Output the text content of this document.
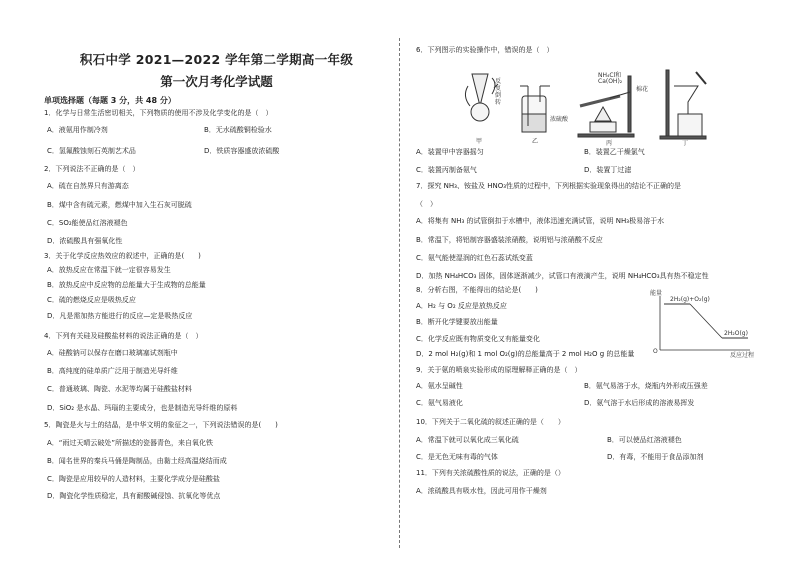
积石中学 2021—2022 学年第二学期高一年级
第一次月考化学试题
单项选择题（每题 3 分，共 48 分）
1．化学与日常生活密切相关，下列物质的使用不涉及化学变化的是（　）
A．液氨用作制冷剂
C．氢氟酸蚀刻石英制艺术品
2．下列说法不正确的是（　）
A．硫在自然界只有游离态
B．煤中含有硫元素，燃煤中加入生石灰可脱硫
C．SO₂能使品红溶液褪色
D．浓硫酸具有强氧化性
3．关于化学反应热效应的叙述中，正确的是(　　)
A．放热反应在常温下就一定很容易发生
B．放热反应中反应物的总能量大于生成物的总能量
C．硫的燃烧反应是吸热反应
D．凡是需加热方能进行的反应—定是吸热反应
4．下列有关硅及硅酸盐材料的说法正确的是（　）
A．硅酸钠可以保存在磨口玻璃塞试剂瓶中
B．高纯度的硅单质广泛用于制造光导纤维
C．普通玻璃、陶瓷、水泥等均属于硅酸盐材料
D．SiO₂ 是水晶、玛瑙的主要成分，也是制造光导纤维的原料
5．陶瓷是火与土的结晶，是中华文明的象征之一，下列说法错误的是(　　)
A．“雨过天晴云破处”所描述的瓷器青色，来自氧化铁
B．闻名世界的秦兵马俑是陶制品，由黏土经高温烧结而成
C．陶瓷是应用较早的人造材料，主要化学成分是硅酸盐
D．陶瓷化学性质稳定，具有耐酸碱侵蚀、抗氧化等优点
B．无水硫酸铜检验水
D．铁质容器盛放浓硫酸
6．下列图示的实验操作中，错误的是（　）
7．探究 NH₃、铵盐及 HNO₃性质的过程中，下列根据实验现象得出的结论不正确的是
（　）
A．将集有 NH₃ 的试管倒扣于水槽中，液体迅速充满试管，说明 NH₃极易溶于水
B．常温下，将铝制容器盛装浓硝酸，说明铝与浓硝酸不反应
C．氨气能使湿润的红色石蕊试纸变蓝
D．加热 NH₄HCO₃ 固体，固体逐渐减少，试管口有液滴产生，说明 NH₄HCO₃具有热不稳定性
8．分析右图，不能得出的结论是(　　)
A．H₂ 与 O₂ 反应是放热反应
B．断开化学键要放出能量
C．化学反应既有物质变化又有能量变化
D．2 mol H₂(g)和 1 mol O₂(g)的总能量高于 2 mol H₂O g 的总能量
9．关于氨的喷泉实验形成的原理解释正确的是（　）
A．氨水呈碱性
C．氨气易液化
10．下列关于二氧化硫的叙述正确的是（　　）
A．常温下就可以氧化成三氧化硫
C．是无色无味有毒的气体
11．下列有关浓硫酸性质的说法，正确的是（）
A．浓硫酸具有吸水性，因此可用作干燥剂
B．装置乙干燥氯气
D．装置丁过滤
B．氨气易溶于水，烧瓶内外形成压强差
D．氨气溶于水后形成的溶液易挥发
B．可以使品红溶液褪色
D．有毒，不能用于食品添加剂
A．装置甲中容器摇匀
C．装置丙制备氨气
反复倒转
浓硫酸
NH₄Cl和
Ca(OH)₂
棉花
甲	乙	丙	丁
能量
O
反应过程
2H₂(g)+O₂(g)
2H₂O(g)
